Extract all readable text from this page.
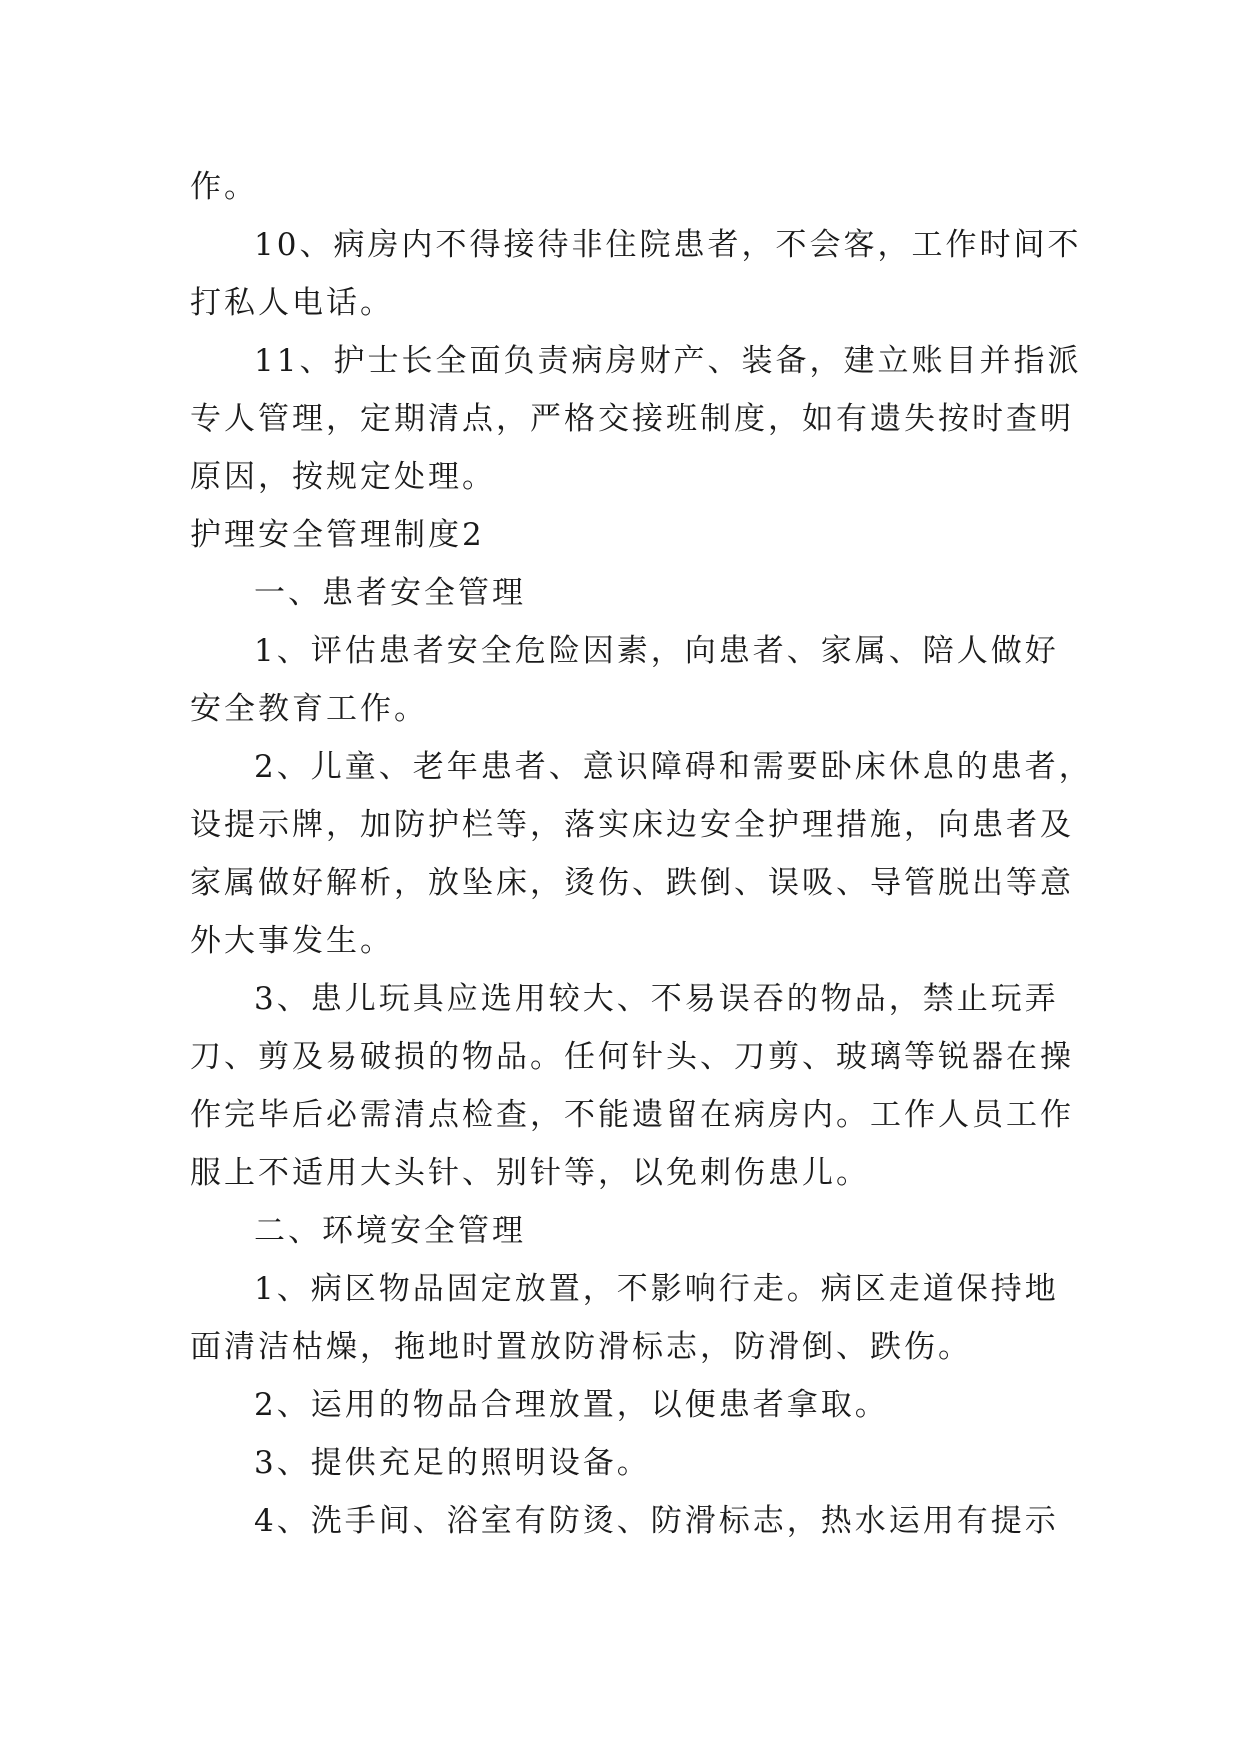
作。
10、病房内不得接待非住院患者，不会客，工作时间不
打私人电话。
11、护士长全面负责病房财产、装备，建立账目并指派
专人管理，定期清点，严格交接班制度，如有遗失按时查明
原因，按规定处理。
护理安全管理制度2
一、患者安全管理
1、评估患者安全危险因素，向患者、家属、陪人做好
安全教育工作。
2、儿童、老年患者、意识障碍和需要卧床休息的患者，
设提示牌，加防护栏等，落实床边安全护理措施，向患者及
家属做好解析，放坠床，烫伤、跌倒、误吸、导管脱出等意
外大事发生。
3、患儿玩具应选用较大、不易误吞的物品，禁止玩弄
刀、剪及易破损的物品。任何针头、刀剪、玻璃等锐器在操
作完毕后必需清点检查，不能遗留在病房内。工作人员工作
服上不适用大头针、别针等，以免刺伤患儿。
二、环境安全管理
1、病区物品固定放置，不影响行走。病区走道保持地
面清洁枯燥，拖地时置放防滑标志，防滑倒、跌伤。
2、运用的物品合理放置，以便患者拿取。
3、提供充足的照明设备。
4、洗手间、浴室有防烫、防滑标志，热水运用有提示
